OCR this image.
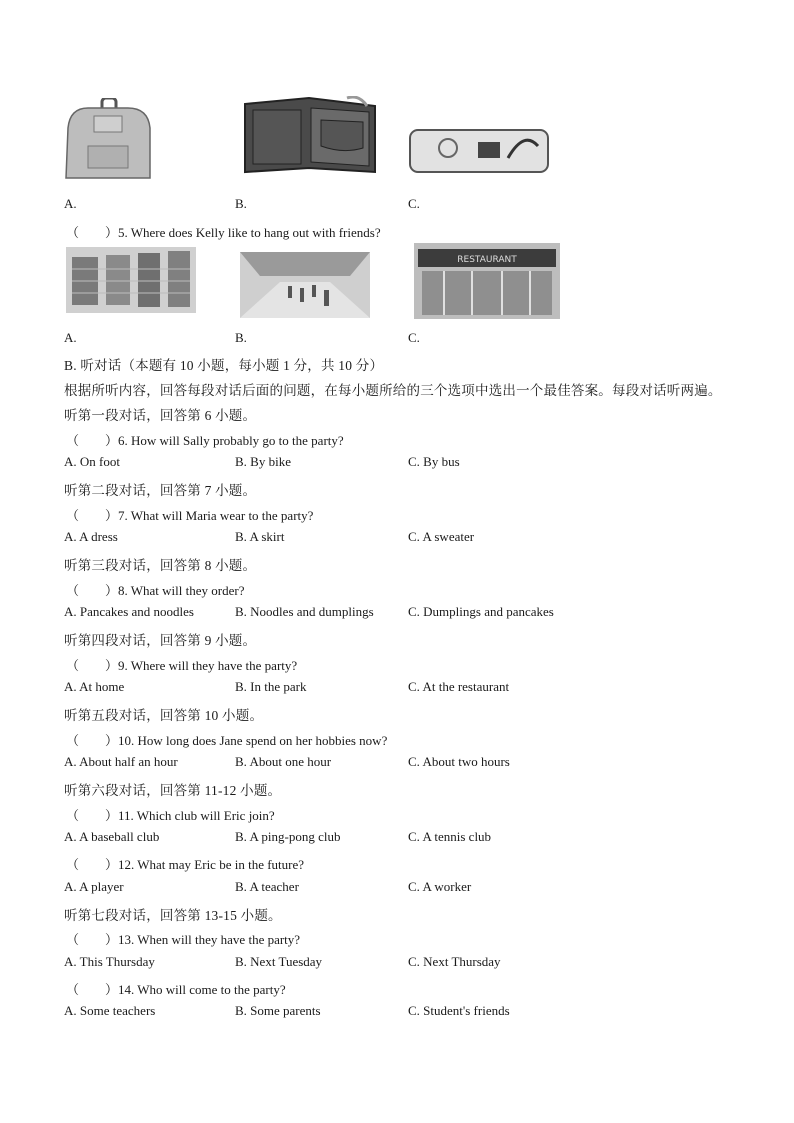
A.	B.	C.
（　　）5. Where does Kelly like to hang out with friends?
RESTAURANT
A.	B.	C.
B. 听对话（本题有 10 小题，每小题 1 分，共 10 分）
根据所听内容，回答每段对话后面的问题，在每小题所给的三个选项中选出一个最佳答案。每段对话听两遍。
听第一段对话，回答第 6 小题。
（　　）6. How will Sally probably go to the party?
A. On foot	B. By bike	C. By bus
听第二段对话，回答第 7 小题。
（　　）7. What will Maria wear to the party?
A. A dress	B. A skirt	C. A sweater
听第三段对话，回答第 8 小题。
（　　）8. What will they order?
A. Pancakes and noodles	B. Noodles and dumplings	C. Dumplings and pancakes
听第四段对话，回答第 9 小题。
（　　）9. Where will they have the party?
A. At home	B. In the park	C. At the restaurant
听第五段对话，回答第 10 小题。
（　　）10. How long does Jane spend on her hobbies now?
A. About half an hour	B. About one hour	C. About two hours
听第六段对话，回答第 11-12 小题。
（　　）11. Which club will Eric join?
A. A baseball club	B. A ping-pong club	C. A tennis club
（　　）12. What may Eric be in the future?
A. A player	B. A teacher	C. A worker
听第七段对话，回答第 13-15 小题。
（　　）13. When will they have the party?
A. This Thursday	B. Next Tuesday	C. Next Thursday
（　　）14. Who will come to the party?
A. Some teachers	B. Some parents	C. Student's friends
